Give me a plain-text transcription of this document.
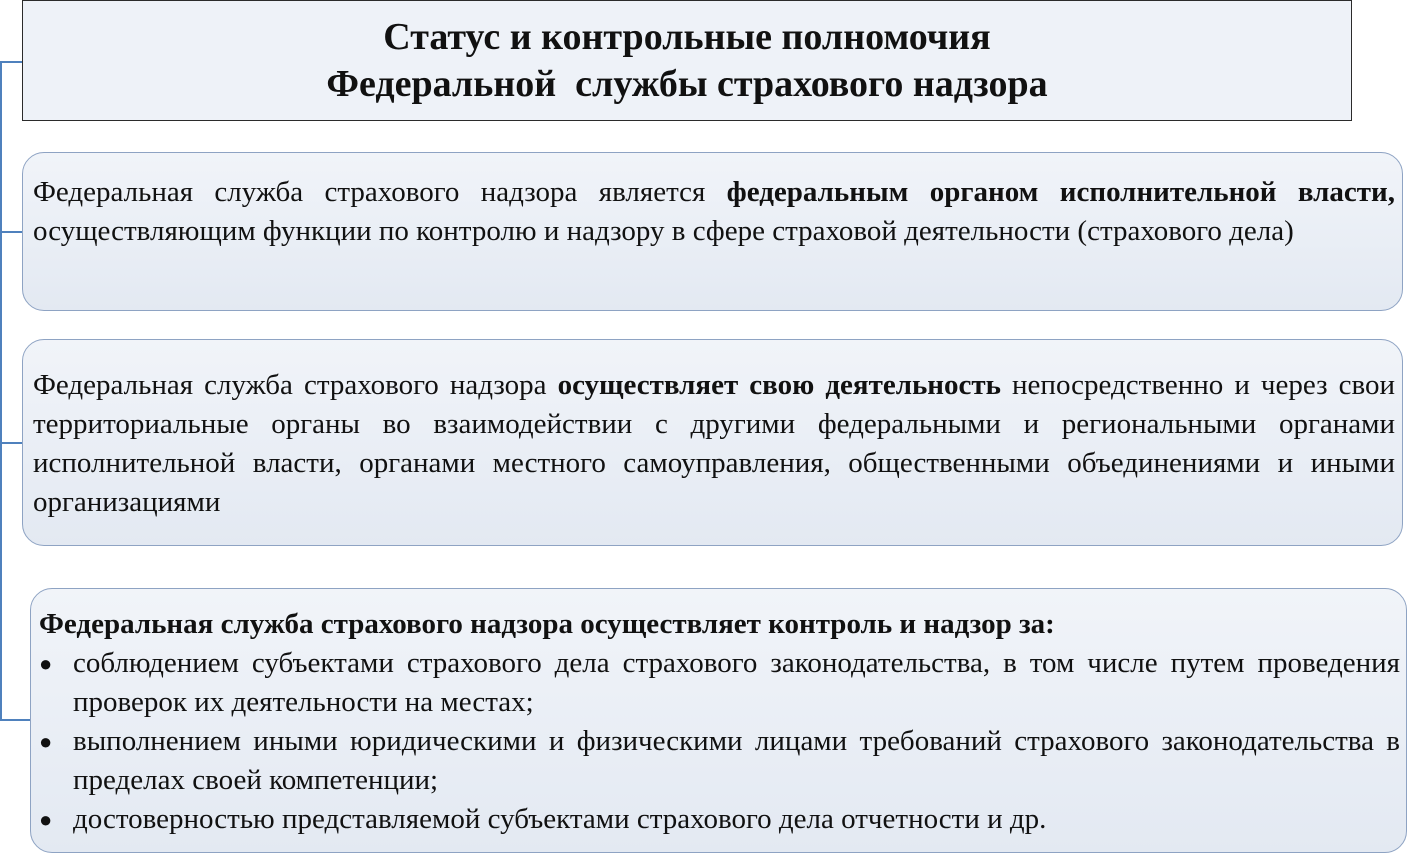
Статус и контрольные полномочия
Федеральной  службы страхового надзора
Федеральная служба страхового надзора является федеральным органом исполнительной власти, осуществляющим функции по контролю и надзору в сфере страховой деятельности (страхового дела)
Федеральная служба страхового надзора осуществляет свою деятельность непосредственно и через свои территориальные органы во взаимодействии с другими федеральными и региональными органами исполнительной власти, органами местного самоуправления, общественными объединениями и иными организациями
Федеральная служба страхового надзора осуществляет контроль и надзор за:
● соблюдением субъектами страхового дела страхового законодательства, в том числе путем проведения проверок их деятельности на местах;
● выполнением иными юридическими и физическими лицами требований страхового законодательства в пределах своей компетенции;
● достоверностью представляемой субъектами страхового дела отчетности и др.
